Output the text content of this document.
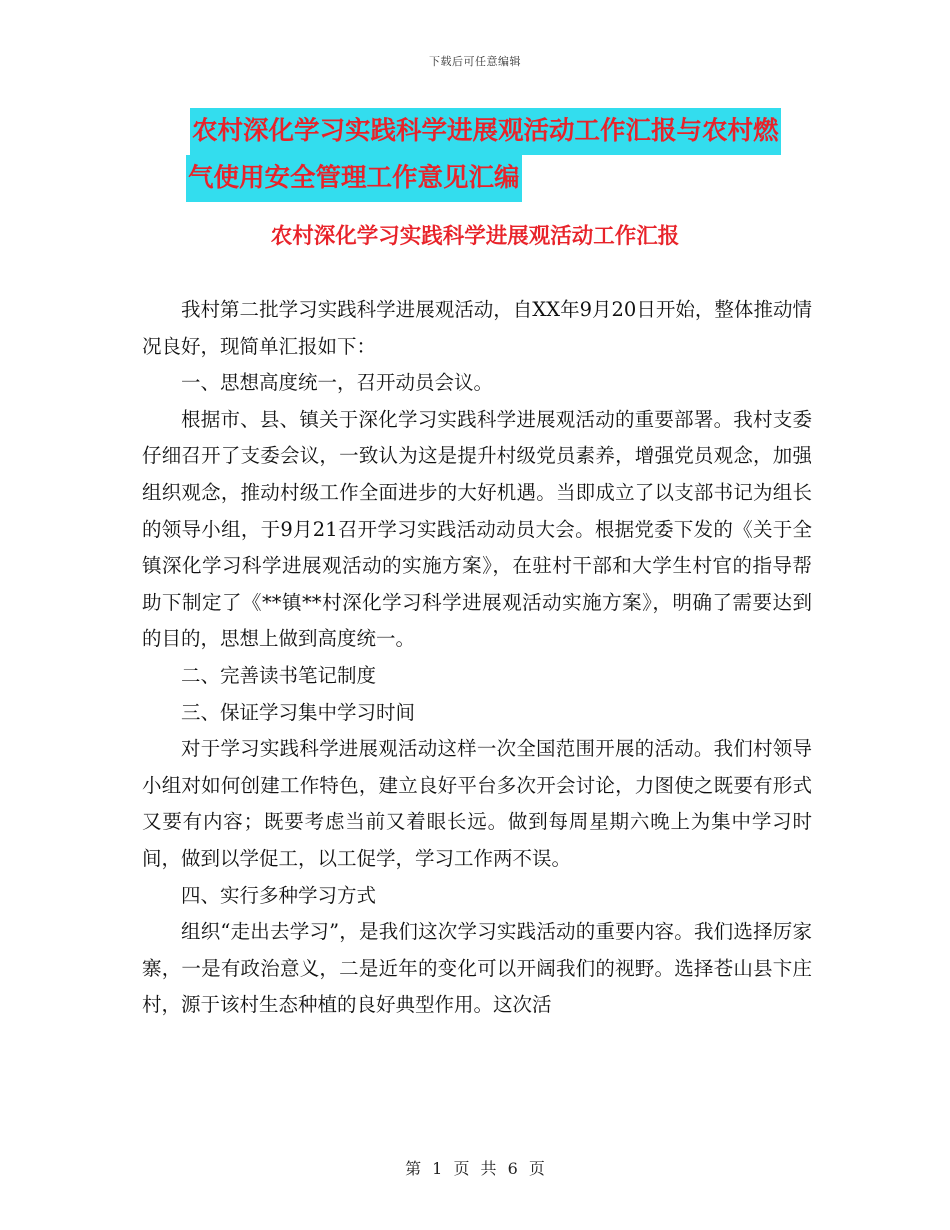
下载后可任意编辑
农村深化学习实践科学进展观活动工作汇报与农村燃
气使用安全管理工作意见汇编
农村深化学习实践科学进展观活动工作汇报

我村第二批学习实践科学进展观活动，自XX年9月20日开始，整体推动情况良好，现简单汇报如下：

一、思想高度统一，召开动员会议。

根据市、县、镇关于深化学习实践科学进展观活动的重要部署。我村支委仔细召开了支委会议，一致认为这是提升村级党员素养，增强党员观念，加强组织观念，推动村级工作全面进步的大好机遇。当即成立了以支部书记为组长的领导小组，于9月21召开学习实践活动动员大会。根据党委下发的《关于全镇深化学习科学进展观活动的实施方案》，在驻村干部和大学生村官的指导帮助下制定了《**镇**村深化学习科学进展观活动实施方案》，明确了需要达到的目的，思想上做到高度统一。

二、完善读书笔记制度

三、保证学习集中学习时间

对于学习实践科学进展观活动这样一次全国范围开展的活动。我们村领导小组对如何创建工作特色，建立良好平台多次开会讨论，力图使之既要有形式又要有内容；既要考虑当前又着眼长远。做到每周星期六晚上为集中学习时间，做到以学促工，以工促学，学习工作两不误。

四、实行多种学习方式

组织“走出去学习”，是我们这次学习实践活动的重要内容。我们选择厉家寨，一是有政治意义，二是近年的变化可以开阔我们的视野。选择苍山县卞庄村，源于该村生态种植的良好典型作用。这次活

第 1 页 共 6 页
